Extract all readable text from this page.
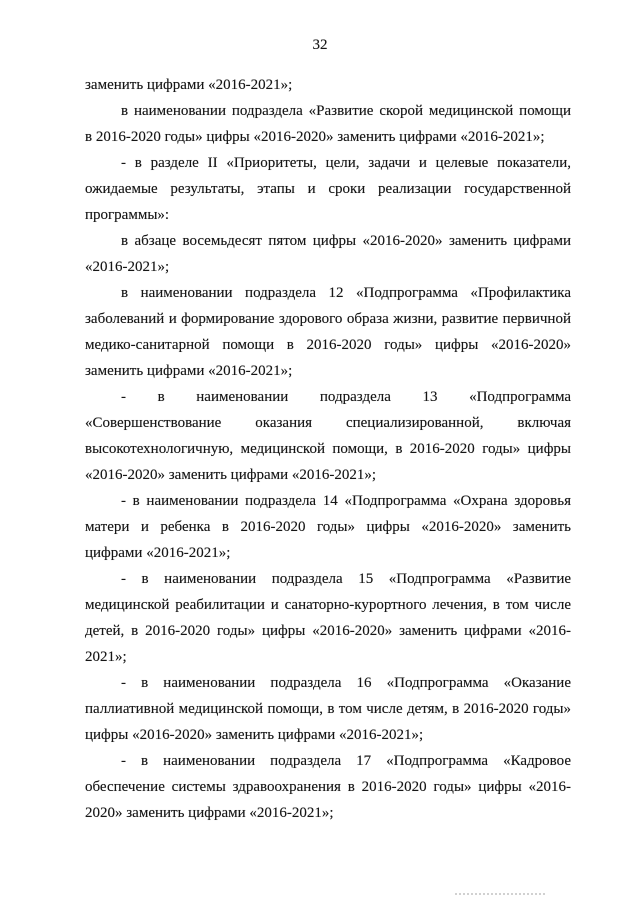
32
заменить цифрами «2016-2021»;
в наименовании подраздела «Развитие скорой медицинской помощи
в 2016-2020 годы» цифры «2016-2020» заменить цифрами «2016-2021»;
- в разделе II «Приоритеты, цели, задачи и целевые показатели,
ожидаемые результаты, этапы и сроки реализации государственной
программы»:
в абзаце восемьдесят пятом цифры «2016-2020» заменить цифрами
«2016-2021»;
в наименовании подраздела 12 «Подпрограмма «Профилактика
заболеваний и формирование здорового образа жизни, развитие первичной
медико-санитарной помощи в 2016-2020 годы» цифры «2016-2020»
заменить цифрами «2016-2021»;
- в наименовании подраздела 13 «Подпрограмма
«Совершенствование оказания специализированной, включая
высокотехнологичную, медицинской помощи, в 2016-2020 годы» цифры
«2016-2020» заменить цифрами «2016-2021»;
- в наименовании подраздела 14 «Подпрограмма «Охрана здоровья
матери и ребенка в 2016-2020 годы» цифры «2016-2020» заменить
цифрами «2016-2021»;
- в наименовании подраздела 15 «Подпрограмма «Развитие
медицинской реабилитации и санаторно-курортного лечения, в том числе
детей, в 2016-2020 годы» цифры «2016-2020» заменить цифрами «2016-
2021»;
- в наименовании подраздела 16 «Подпрограмма «Оказание
паллиативной медицинской помощи, в том числе детям, в 2016-2020 годы»
цифры «2016-2020» заменить цифрами «2016-2021»;
- в наименовании подраздела 17 «Подпрограмма «Кадровое
обеспечение системы здравоохранения в 2016-2020 годы» цифры «2016-
2020» заменить цифрами «2016-2021»;
